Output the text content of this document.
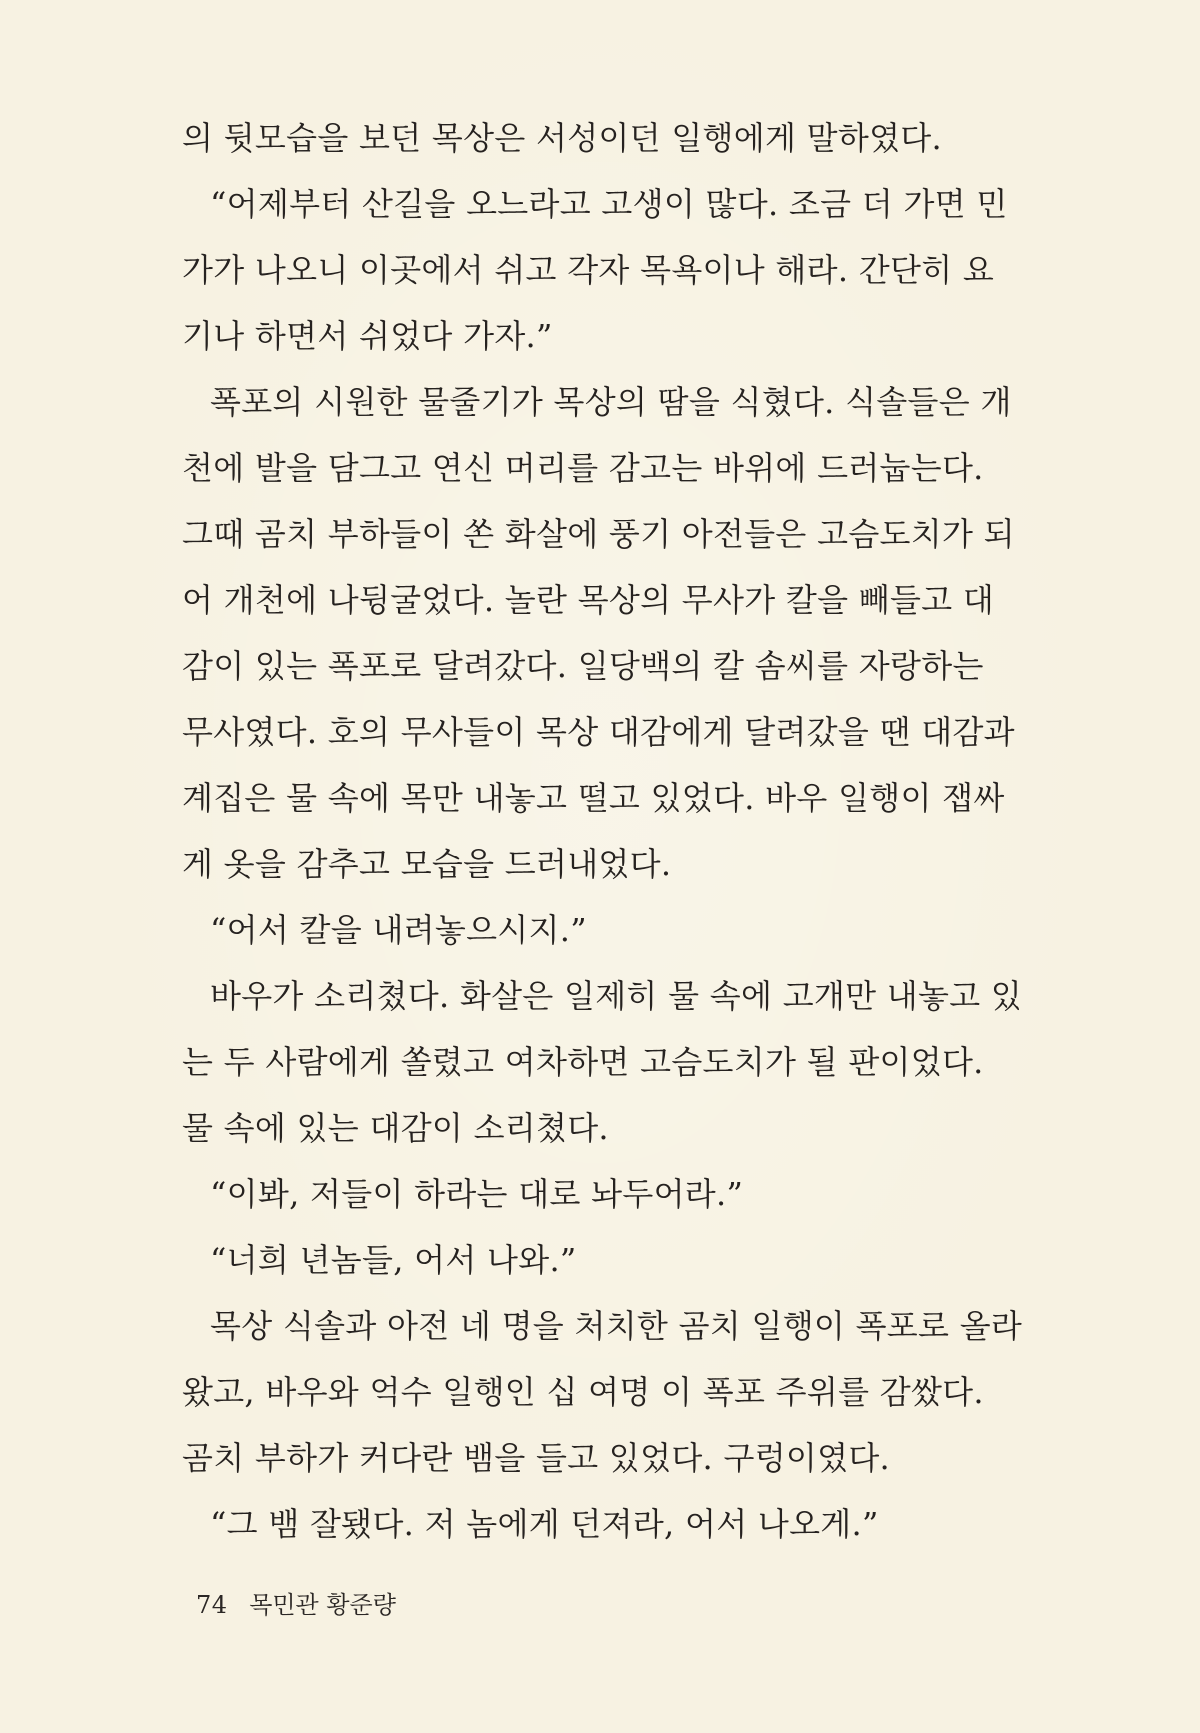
의 뒷모습을 보던 목상은 서성이던 일행에게 말하였다.
“어제부터 산길을 오느라고 고생이 많다. 조금 더 가면 민
가가 나오니 이곳에서 쉬고 각자 목욕이나 해라. 간단히 요
기나 하면서 쉬었다 가자.”
폭포의 시원한 물줄기가 목상의 땀을 식혔다. 식솔들은 개
천에 발을 담그고 연신 머리를 감고는 바위에 드러눕는다.
그때 곰치 부하들이 쏜 화살에 풍기 아전들은 고슴도치가 되
어 개천에 나뒹굴었다. 놀란 목상의 무사가 칼을 빼들고 대
감이 있는 폭포로 달려갔다. 일당백의 칼 솜씨를 자랑하는
무사였다. 호의 무사들이 목상 대감에게 달려갔을 땐 대감과
계집은 물 속에 목만 내놓고 떨고 있었다. 바우 일행이 잽싸
게 옷을 감추고 모습을 드러내었다.
“어서 칼을 내려놓으시지.”
바우가 소리쳤다. 화살은 일제히 물 속에 고개만 내놓고 있
는 두 사람에게 쏠렸고 여차하면 고슴도치가 될 판이었다.
물 속에 있는 대감이 소리쳤다.
“이봐, 저들이 하라는 대로 놔두어라.”
“너희 년놈들, 어서 나와.”
목상 식솔과 아전 네 명을 처치한 곰치 일행이 폭포로 올라
왔고, 바우와 억수 일행인 십 여명 이 폭포 주위를 감쌌다.
곰치 부하가 커다란 뱀을 들고 있었다. 구렁이였다.
“그 뱀 잘됐다. 저 놈에게 던져라, 어서 나오게.”
74 목민관 황준량
